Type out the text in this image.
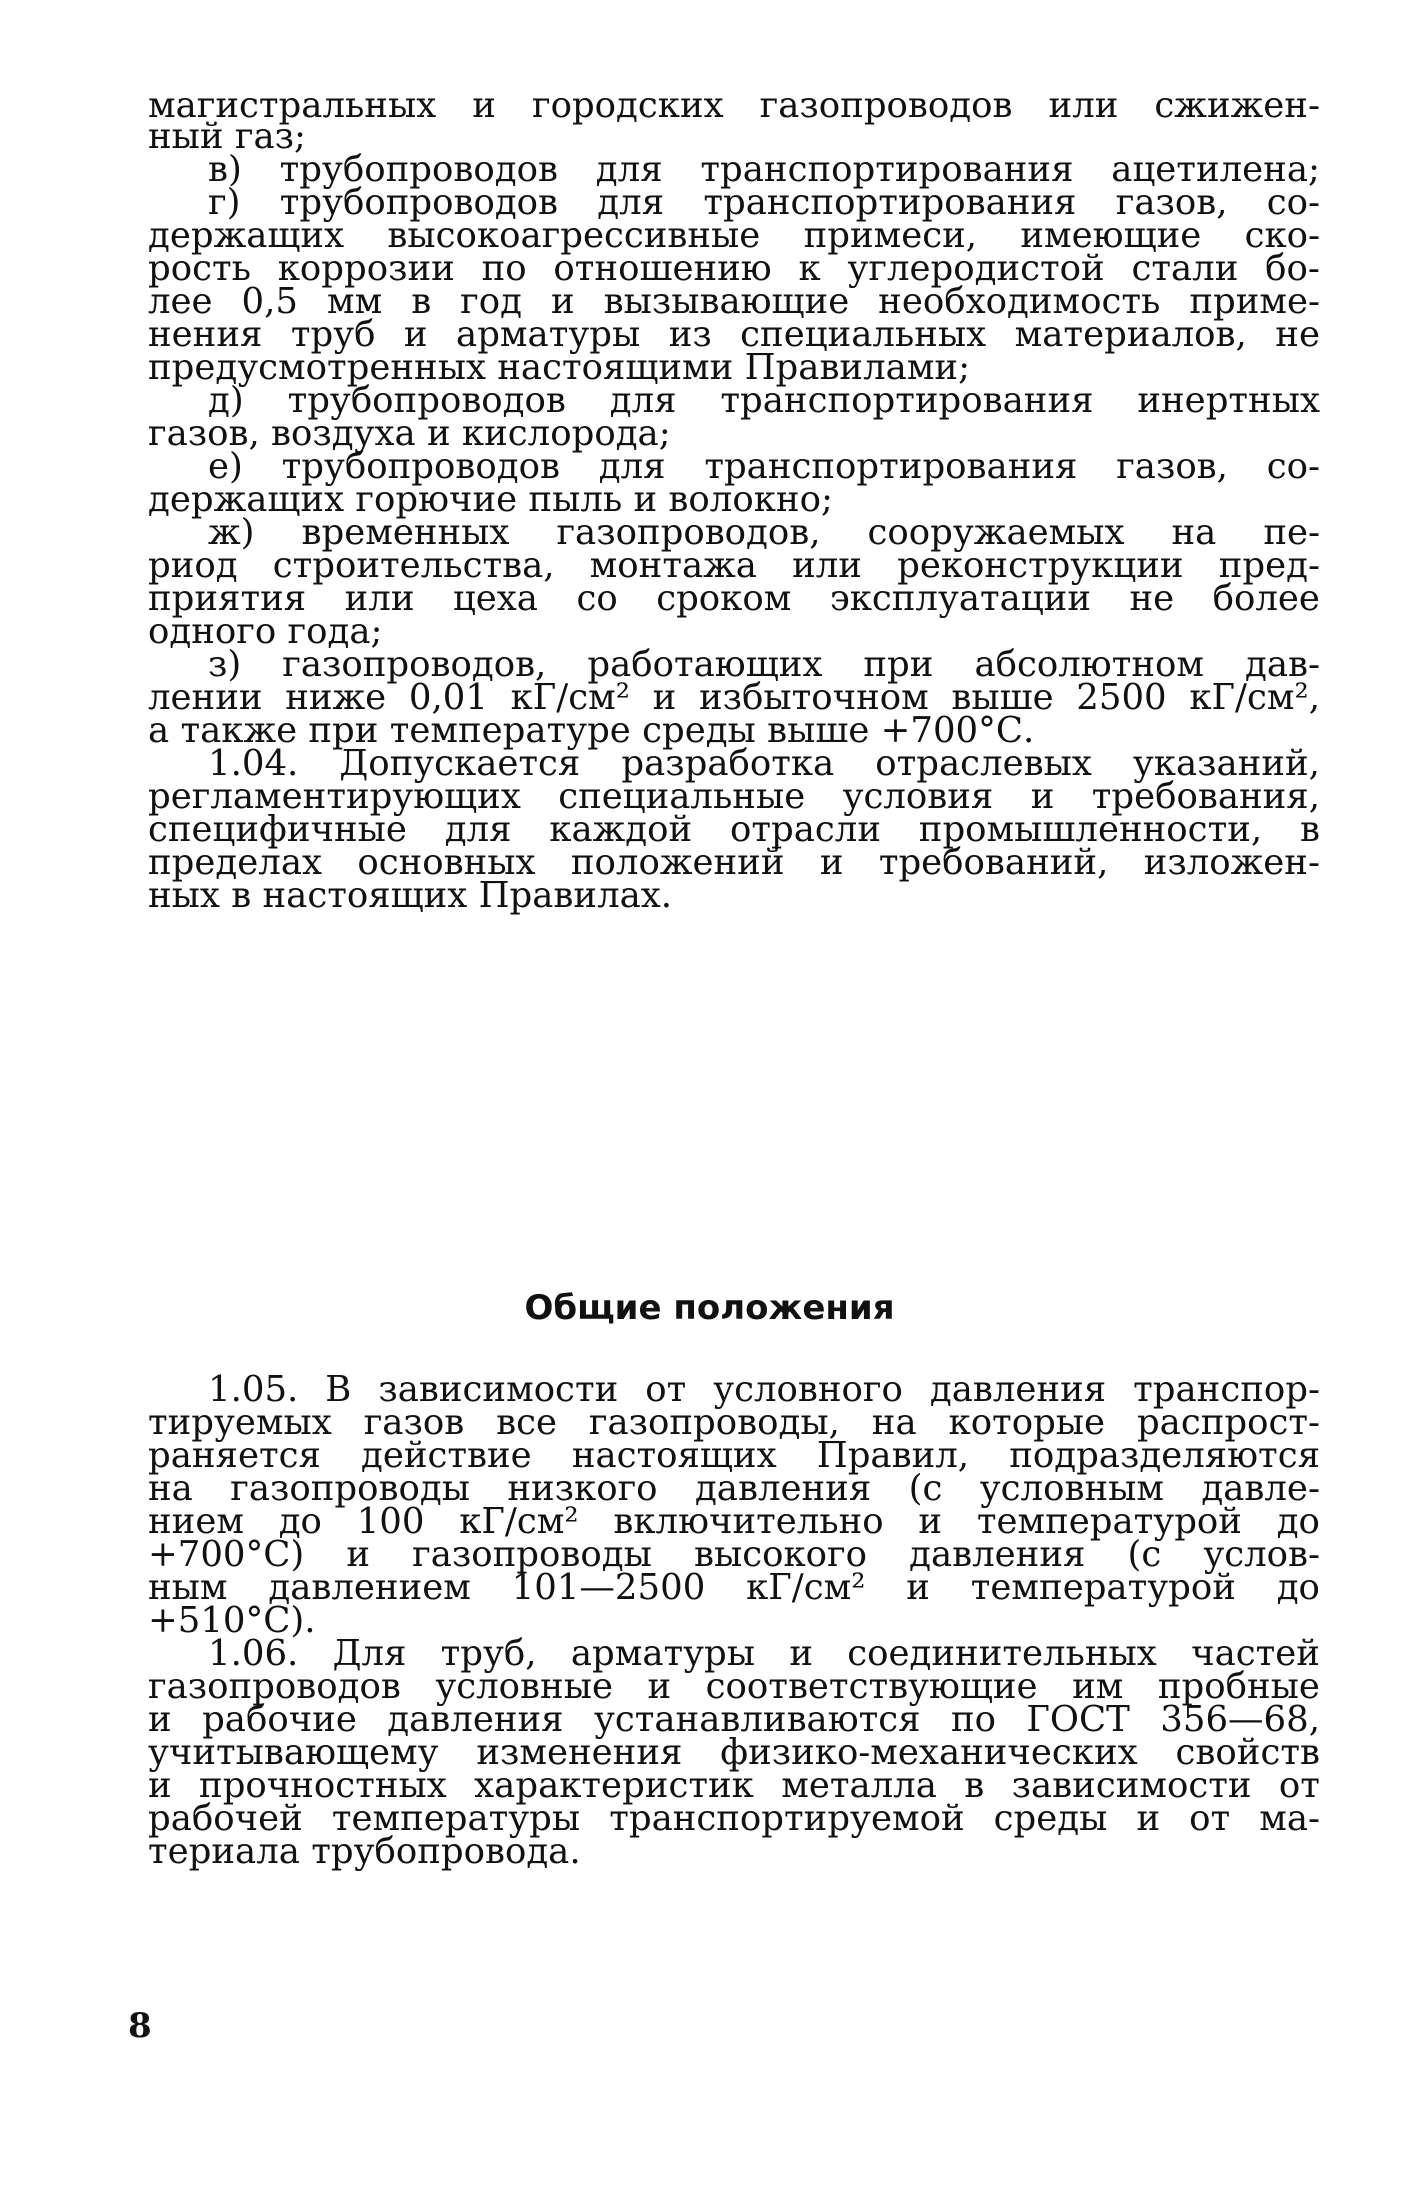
магистральных и городских газопроводов или сжижен-
ный газ;
в) трубопроводов для транспортирования ацетилена;
г) трубопроводов для транспортирования газов, со-
держащих высокоагрессивные примеси, имеющие ско-
рость коррозии по отношению к углеродистой стали бо-
лее 0,5 мм в год и вызывающие необходимость приме-
нения труб и арматуры из специальных материалов, не
предусмотренных настоящими Правилами;
д) трубопроводов для транспортирования инертных
газов, воздуха и кислорода;
е) трубопроводов для транспортирования газов, со-
держащих горючие пыль и волокно;
ж) временных газопроводов, сооружаемых на пе-
риод строительства, монтажа или реконструкции пред-
приятия или цеха со сроком эксплуатации не более
одного года;
з) газопроводов, работающих при абсолютном дав-
лении ниже 0,01 кГ/см² и избыточном выше 2500 кГ/см²,
а также при температуре среды выше +700°С.
1.04. Допускается разработка отраслевых указаний,
регламентирующих специальные условия и требования,
специфичные для каждой отрасли промышленности, в
пределах основных положений и требований, изложен-
ных в настоящих Правилах.
Общие положения
1.05. В зависимости от условного давления транспор-
тируемых газов все газопроводы, на которые распрост-
раняется действие настоящих Правил, подразделяются
на газопроводы низкого давления (с условным давле-
нием до 100 кГ/см² включительно и температурой до
+700°С) и газопроводы высокого давления (с услов-
ным давлением 101—2500 кГ/см² и температурой до
+510°С).
1.06. Для труб, арматуры и соединительных частей
газопроводов условные и соответствующие им пробные
и рабочие давления устанавливаются по ГОСТ 356—68,
учитывающему изменения физико-механических свойств
и прочностных характеристик металла в зависимости от
рабочей температуры транспортируемой среды и от ма-
териала трубопровода.
8
